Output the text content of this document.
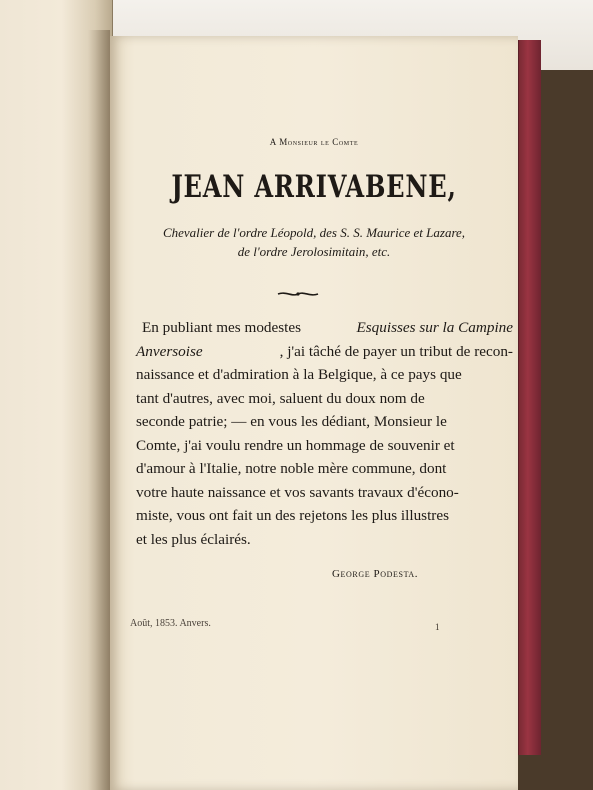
A Monsieur le Comte
JEAN ARRIVABENE,
Chevalier de l'ordre Léopold, des S. S. Maurice et Lazare,
de l'ordre Jerolosimitain, etc.
En publiant mes modestes	Esquisses sur la Campine
Anversoise	, j'ai tâché de payer un tribut de recon-
naissance et d'admiration à la Belgique, à ce pays que
tant d'autres, avec moi, saluent du doux nom de
seconde patrie; — en vous les dédiant, Monsieur le
Comte, j'ai voulu rendre un hommage de souvenir et
d'amour à l'Italie, notre noble mère commune, dont
votre haute naissance et vos savants travaux d'écono-
miste, vous ont fait un des rejetons les plus illustres
et les plus éclairés.
George Podesta.
Août, 1853. Anvers.	1
